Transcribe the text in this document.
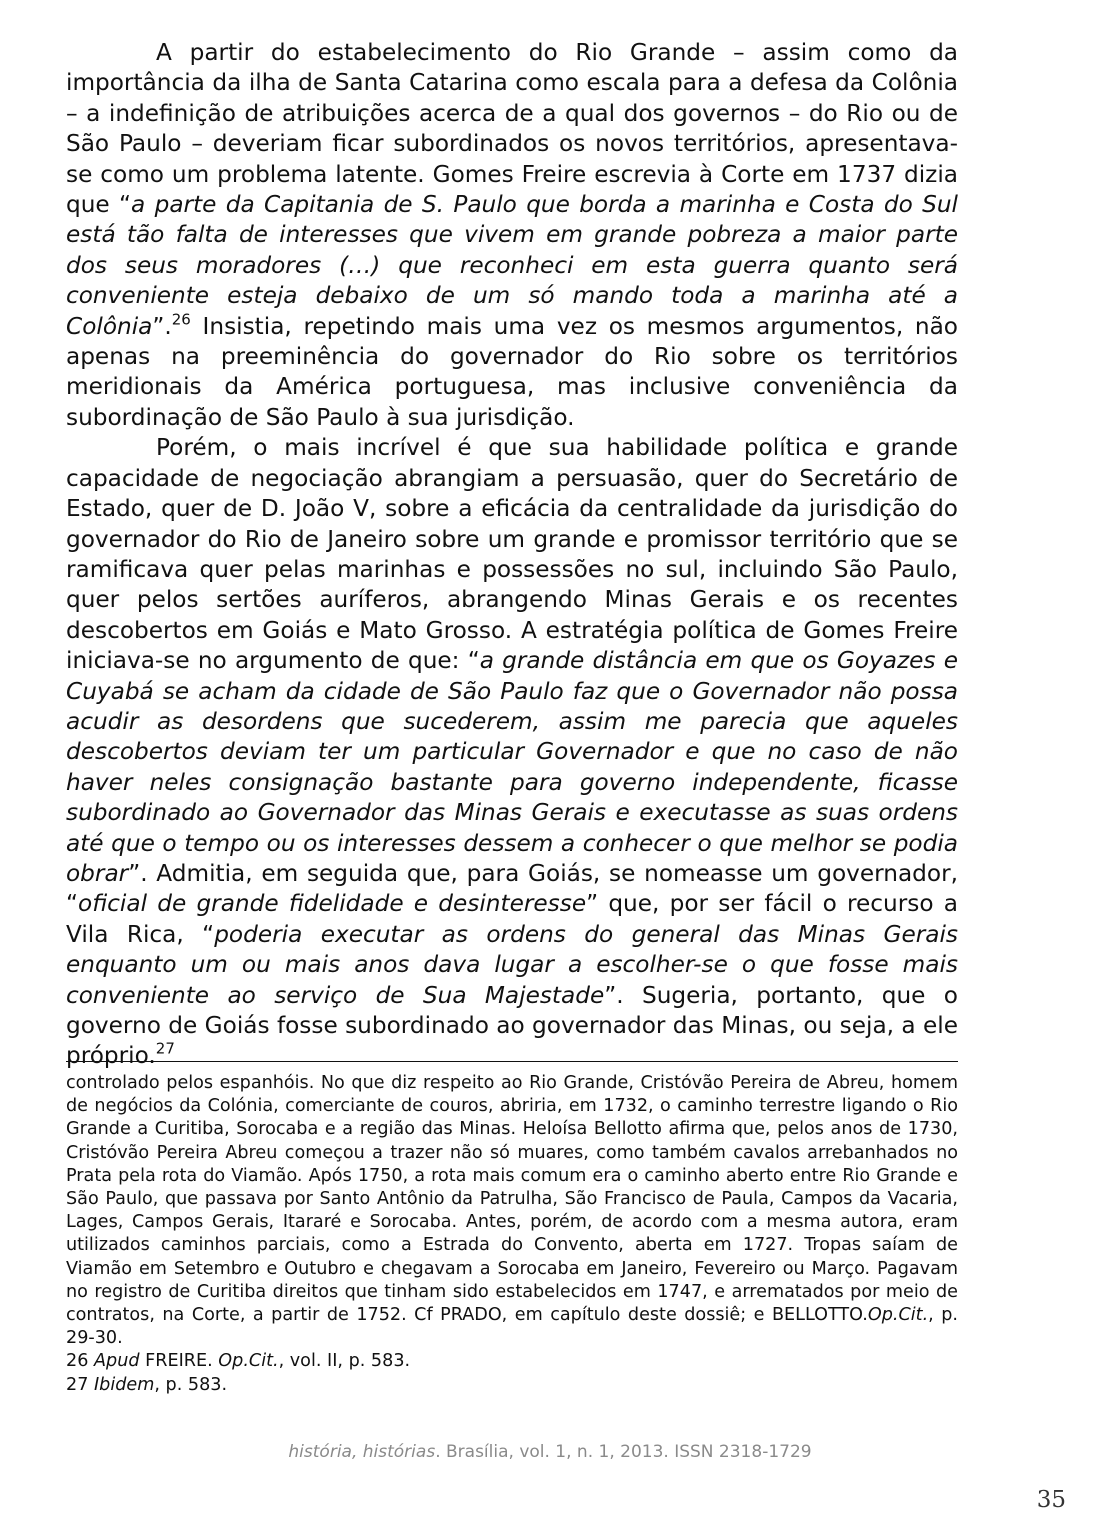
A partir do estabelecimento do Rio Grande – assim como da importância da ilha de Santa Catarina como escala para a defesa da Colônia – a indefinição de atribuições acerca de a qual dos governos – do Rio ou de São Paulo – deveriam ficar subordinados os novos territórios, apresentava-se como um problema latente. Gomes Freire escrevia à Corte em 1737 dizia que “a parte da Capitania de S. Paulo que borda a marinha e Costa do Sul está tão falta de interesses que vivem em grande pobreza a maior parte dos seus moradores (…) que reconheci em esta guerra quanto será conveniente esteja debaixo de um só mando toda a marinha até a Colônia”.$^{26}$ Insistia, repetindo mais uma vez os mesmos argumentos, não apenas na preeminência do governador do Rio sobre os territórios meridionais da América portuguesa, mas inclusive conveniência da subordinação de São Paulo à sua jurisdição.

Porém, o mais incrível é que sua habilidade política e grande capacidade de negociação abrangiam a persuasão, quer do Secretário de Estado, quer de D. João V, sobre a eficácia da centralidade da jurisdição do governador do Rio de Janeiro sobre um grande e promissor território que se ramificava quer pelas marinhas e possessões no sul, incluindo São Paulo, quer pelos sertões auríferos, abrangendo Minas Gerais e os recentes descobertos em Goiás e Mato Grosso. A estratégia política de Gomes Freire iniciava-se no argumento de que: “a grande distância em que os Goyazes e Cuyabá se acham da cidade de São Paulo faz que o Governador não possa acudir as desordens que sucederem, assim me parecia que aqueles descobertos deviam ter um particular Governador e que no caso de não haver neles consignação bastante para governo independente, ficasse subordinado ao Governador das Minas Gerais e executasse as suas ordens até que o tempo ou os interesses dessem a conhecer o que melhor se podia obrar”. Admitia, em seguida que, para Goiás, se nomeasse um governador, “oficial de grande fidelidade e desinteresse” que, por ser fácil o recurso a Vila Rica, “poderia executar as ordens do general das Minas Gerais enquanto um ou mais anos dava lugar a escolher-se o que fosse mais conveniente ao serviço de Sua Majestade”. Sugeria, portanto, que o governo de Goiás fosse subordinado ao governador das Minas, ou seja, a ele próprio.$^{27}$

controlado pelos espanhóis. No que diz respeito ao Rio Grande, Cristóvão Pereira de Abreu, homem de negócios da Colónia, comerciante de couros, abriria, em 1732, o caminho terrestre ligando o Rio Grande a Curitiba, Sorocaba e a região das Minas. Heloísa Bellotto afirma que, pelos anos de 1730, Cristóvão Pereira Abreu começou a trazer não só muares, como também cavalos arrebanhados no Prata pela rota do Viamão. Após 1750, a rota mais comum era o caminho aberto entre Rio Grande e São Paulo, que passava por Santo Antônio da Patrulha, São Francisco de Paula, Campos da Vacaria, Lages, Campos Gerais, Itararé e Sorocaba. Antes, porém, de acordo com a mesma autora, eram utilizados caminhos parciais, como a Estrada do Convento, aberta em 1727. Tropas saíam de Viamão em Setembro e Outubro e chegavam a Sorocaba em Janeiro, Fevereiro ou Março. Pagavam no registro de Curitiba direitos que tinham sido estabelecidos em 1747, e arrematados por meio de contratos, na Corte, a partir de 1752. Cf PRADO, em capítulo deste dossiê; e BELLOTTO.Op.Cit., p. 29-30.

26 Apud FREIRE. Op.Cit., vol. II, p. 583.

27 Ibidem, p. 583.

história, histórias. Brasília, vol. 1, n. 1, 2013. ISSN 2318-1729
35
